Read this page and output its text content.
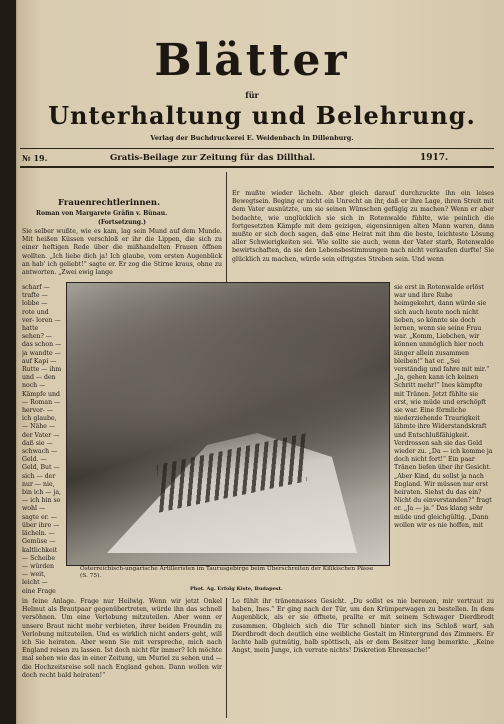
Blätter
für
Unterhaltung und Belehrung.
Verlag der Buchdruckerei E. Weidenbach in Dillenburg.
№ 19.	Gratis-Beilage zur Zeitung für das Dillthal.	1917.
Frauenrechtlerinnen.
Roman von Margarete Gräfin v. Bünau.
(Fortsetzung.)
Sie selber wußte, wie es kam, lag sein Mund auf dem Munde. Mit heißen Küssen verschloß er ihr die Lippen, die sich zu einer heftigen Rede über die mißhandelten Frauen öffnen wollten. „Ich liebe dich ja! Ich glaube, vom ersten Augenblick an hab' ich geliebt!“ sagte er. Er zog die Stirne kraus, ohne zu antworten. „Zwei ewig lange
scharf — trafte — lobbe — rote und ver- loren — hatte sehen? — das schon — ja wandte — auf Kapi — Rutte — ihm und — den noch — Kämpfe und — Roman — hervor- — ich glaube, — Nähe — der Vater — daß sie — schwach — Geld. — Geld, But — sich — der nur — nie, bin ich — ja, — ich bin so wohl — sagte er. — über ihre — lächeln. — Gemüse — kaltlichkeit — Scheibe — würden — weit, leicht — eine Frage
Er mußte wieder lächeln. Aber gleich darauf durchzuckte ihn ein leises Bewegtsein. Beging er nicht ein Unrecht an ihr, daß er ihre Lage, ihren Streit mit dem Vater ausnützte, um sie seinen Wünschen gefügig zu machen? Wenn er aber bedachte, wie unglücklich sie sich in Rotenwalde fühlte, wie peinlich die fortgesetzten Kämpfe mit dem geizigen, eigensinnigen alten Mann waren, dann mußte er sich doch sagen, daß eine Heirat mit ihm die beste, leichteste Lösung aller Schwierigkeiten sei. Wie sollte sie auch, wenn der Vater starb, Rotenwalde bewirtschaften, da sie den Lebensbestimmungen nach nicht verkaufen durfte! Sie glücklich zu machen, würde sein eifrigstes Streben sein. Und wenn
sie erst in Rotenwalde erlöst war und ihre Ruhe heimgekehrt, dann würde sie sich auch heute noch nicht lieben, so könnte sie doch lernen, wenn sie seine Frau war. „Komm, Liebchen, wir können unmöglich hier noch länger allein zusammen bleiben!“ hat er. „Sei verständig und fahre mit mir.“ „Ja, gehen kann ich keinen Schritt mehr!“ Ines kämpfte mit Tränen. Jetzt fühlte sie erst, wie müde und erschöpft sie war. Eine förmliche niederziehende Traurigkeit lähmte ihre Widerstandskraft und Entschlußfähigkeit. Verdrossen sah sie das Geld wieder zu. „Da — ich komme ja doch nicht fort!“ Ein paar Tränen liefen über ihr Gesicht. „Aber Kind, du sollst ja nach England. Wir müssen nur erst heiraten. Siehst du das ein? Nicht du einverstanden?“ fragt er. „Ja — ja.“ Das klang sehr müde und gleichgültig. „Dann wollen wir es nie hoffen, mit
Österreichisch-ungarische Artilleristen im Taurusgebirge beim Überschreiten der Kilikischen Pässe (S. 75).
Phot. Ag. Erfolg Kiste, Budapest.
in feine Anlage. Frage nur Heilwig. Wenn wir jetzt Onkel Helmut als Brautpaar gegenübertreten, würde ihn das schnell versöhnen. Um eine Verlobung mitzuteilen. Aber wenn er unsere Braut nicht mehr verbieten, ihrer beiden Freundin zu Verlobung mitzuteilen. Und es wirklich nicht anders geht, will ich Sie heiraten. Aber wenn Sie mit verspreche, mich nach England reisen zu lassen. Ist doch nicht für immer? Ich möchte mal sehen wie das in einer Zeitung, um Muriel zu sehen und — die Hochzeitsreise soll nach England gehen. Dann wollen wir doch recht bald heiraten!“
Lo fühlt ihr tränennasses Gesicht. „Du sollst es nie bereuen, mir vertraut zu haben, Ines.“ Er ging nach der Tür, um den Krümperwagen zu bestellen. In dem Augenblick, als er sie öffnete, prallte er mit seinem Schwager Dierdbrodt zusammen. Obgleich sich die Tür schnell hinter sich ins Schloß warf, sah Dierdbrodt doch deutlich eine weibliche Gestalt im Hintergrund des Zimmers. Er lachte halb gutmütig, halb spöttisch, als er dem Besitzer lung bemerkte. „Keine Angst, mein Junge, ich verrate nichts! Diskretion Ehrensache!“
